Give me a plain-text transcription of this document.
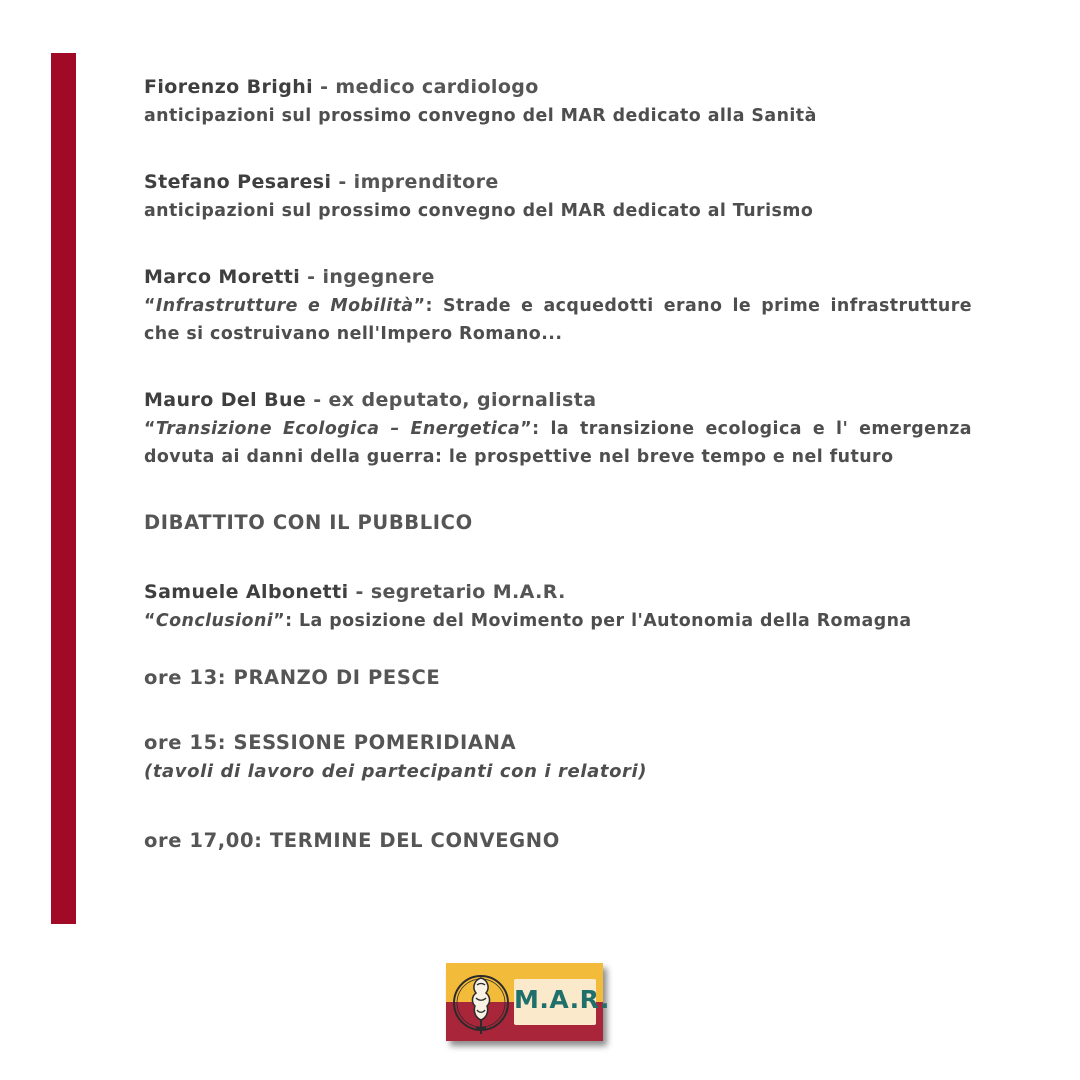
Fiorenzo Brighi - medico cardiologo

anticipazioni sul prossimo convegno del MAR dedicato alla Sanità

Stefano Pesaresi - imprenditore

anticipazioni sul prossimo convegno del MAR dedicato al Turismo

Marco Moretti - ingegnere

“Infrastrutture e Mobilità”: Strade e acquedotti erano le prime infrastrutture che si costruivano nell'Impero Romano...

Mauro Del Bue - ex deputato, giornalista

“Transizione Ecologica – Energetica”: la transizione ecologica e l' emergenza dovuta ai danni della guerra: le prospettive nel breve tempo e nel futuro

DIBATTITO CON IL PUBBLICO

Samuele Albonetti - segretario M.A.R.

“Conclusioni”: La posizione del Movimento per l'Autonomia della Romagna

ore 13: PRANZO DI PESCE

ore 15: SESSIONE POMERIDIANA

(tavoli di lavoro dei partecipanti con i relatori)

ore 17,00: TERMINE DEL CONVEGNO

M.A.R.
